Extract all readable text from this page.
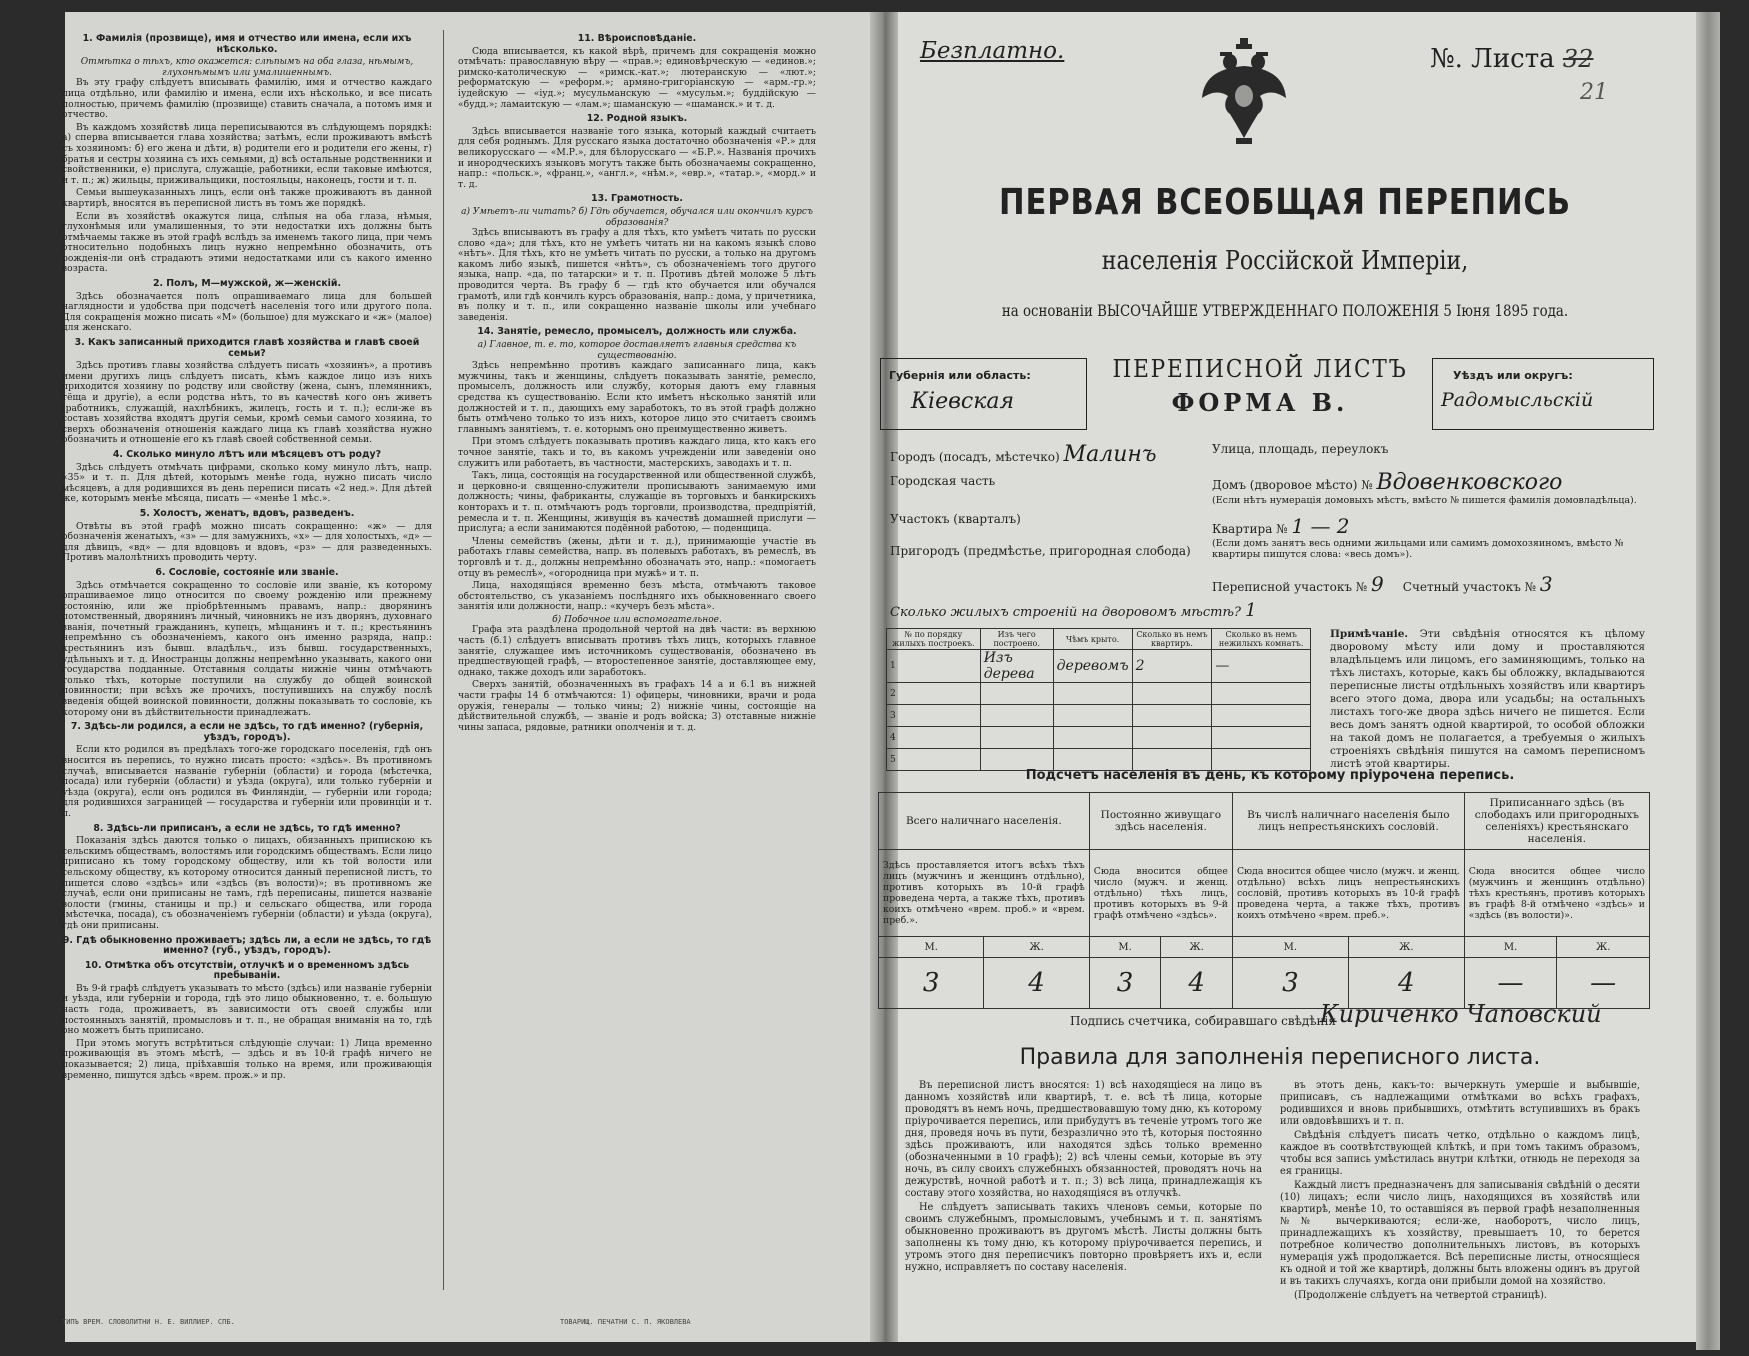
1. Фамилія (прозвище), имя и отчество или имена, если ихъ нѣсколько.
Отмѣтка о тѣхъ, кто окажется: слѣпымъ на оба глаза, нѣмымъ, глухонѣмымъ или умалишеннымъ.

Въ эту графу слѣдуетъ вписывать фамилію, имя и отчество каждаго лица отдѣльно, или фамилію и имена, если ихъ нѣсколько, и все писать полностью, причемъ фамилію (прозвище) ставить сначала, а потомъ имя и отчество.

Въ каждомъ хозяйствѣ лица переписываются въ слѣдующемъ порядкѣ: а) сперва вписывается глава хозяйства; затѣмъ, если проживаютъ вмѣстѣ съ хозяиномъ: б) его жена и дѣти, в) родители его и родители его жены, г) братья и сестры хозяина съ ихъ семьями, д) всѣ остальные родственники и свойственники, е) прислуга, служащіе, работники, если таковые имѣются, и т. п.; ж) жильцы, приживальщики, постояльцы, наконецъ, гости и т. п.

Семьи вышеуказанныхъ лицъ, если онѣ также проживаютъ въ данной квартирѣ, вносятся въ переписной листъ въ томъ же порядкѣ.

Если въ хозяйствѣ окажутся лица, слѣпыя на оба глаза, нѣмыя, глухонѣмыя или умалишенныя, то эти недостатки ихъ должны быть отмѣчаемы также въ этой графѣ вслѣдъ за именемъ такого лица, при чемъ относительно подобныхъ лицъ нужно непремѣнно обозначить, отъ рожденія-ли онѣ страдаютъ этими недостатками или съ какого именно возраста.

2. Полъ, М—мужской, ж—женскій.

Здѣсь обозначается полъ опрашиваемаго лица для большей наглядности и удобства при подсчетѣ населенія того или другого пола. Для сокращенія можно писать «М» (большое) для мужскаго и «ж» (малое) для женскаго.

3. Какъ записанный приходится главѣ хозяйства и главѣ своей семьи?

Здѣсь противъ главы хозяйства слѣдуетъ писать «хозяинъ», а противъ имени другихъ лицъ слѣдуетъ писать, кѣмъ каждое лицо изъ нихъ приходится хозяину по родству или свойству (жена, сынъ, племянникъ, тёща и другіе), а если родства нѣтъ, то въ качествѣ кого онъ живетъ (работникъ, служащій, нахлѣбникъ, жилецъ, гость и т. п.); если-же въ составъ хозяйства входятъ другія семьи, кромѣ семьи самого хозяина, то сверхъ обозначенія отношенія каждаго лица къ главѣ хозяйства нужно обозначить и отношеніе его къ главѣ своей собственной семьи.

4. Сколько минуло лѣтъ или мѣсяцевъ отъ роду?

Здѣсь слѣдуетъ отмѣчать цифрами, сколько кому минуло лѣтъ, напр. «35» и т. п. Для дѣтей, которымъ менѣе года, нужно писать число мѣсяцевъ, а для родившихся въ день переписи писать «2 нед.». Для дѣтей же, которымъ менѣе мѣсяца, писать — «менѣе 1 мѣс.».

5. Холостъ, женатъ, вдовъ, разведенъ.

Отвѣты въ этой графѣ можно писать сокращенно: «ж» — для обозначенія женатыхъ, «з» — для замужнихъ, «х» — для холостыхъ, «д» — для дѣвицъ, «вд» — для вдовцовъ и вдовъ, «рз» — для разведенныхъ. Противъ малолѣтнихъ проводить черту.

6. Сословіе, состояніе или званіе.

Здѣсь отмѣчается сокращенно то сословіе или званіе, къ которому опрашиваемое лицо относится по своему рожденію или прежнему состоянію, или же пріобрѣтеннымъ правамъ, напр.: дворянинъ потомственный, дворянинъ личный, чиновникъ не изъ дворянъ, духовнаго званія, почетный гражданинъ, купецъ, мѣщанинъ и т. п.; крестьянинъ непремѣнно съ обозначеніемъ, какого онъ именно разряда, напр.: крестьянинъ изъ бывш. владѣльч., изъ бывш. государственныхъ, удѣльныхъ и т. д. Иностранцы должны непремѣнно указывать, какого они государства подданные. Отставныя солдаты нижніе чины отмѣчаютъ только тѣхъ, которые поступили на службу до общей воинской повинности; при всѣхъ же прочихъ, поступившихъ на службу послѣ введенія общей воинской повинности, должны показывать то сословіе, къ которому они въ дѣйствительности принадлежатъ.

7. Здѣсь-ли родился, а если не здѣсь, то гдѣ именно? (губернія, уѣздъ, городъ).

Если кто родился въ предѣлахъ того-же городскаго поселенія, гдѣ онъ вносится въ перепись, то нужно писать просто: «здѣсь». Въ противномъ случаѣ, вписывается названіе губерніи (области) и города (мѣстечка, посада) или губерніи (области) и уѣзда (округа), или только губерніи и уѣзда (округа), если онъ родился въ Финляндіи, — губерніи или города; для родившихся заграницей — государства и губерніи или провинціи и т. п.

8. Здѣсь-ли приписанъ, а если не здѣсь, то гдѣ именно?

Показанія здѣсь даются только о лицахъ, обязанныхъ припискою къ сельскимъ обществамъ, волостямъ или городскимъ обществамъ. Если лицо приписано къ тому городскому обществу, или къ той волости или сельскому обществу, къ которому относится данный переписной листъ, то пишется слово «здѣсь» или «здѣсь (въ волости)»; въ противномъ же случаѣ, если они приписаны не тамъ, гдѣ переписаны, пишется названіе волости (гмины, станицы и пр.) и сельскаго общества, или города (мѣстечка, посада), съ обозначеніемъ губерніи (области) и уѣзда (округа), гдѣ они приписаны.

9. Гдѣ обыкновенно проживаетъ; здѣсь ли, а если не здѣсь, то гдѣ именно? (губ., уѣздъ, городъ).
10. Отмѣтка объ отсутствіи, отлучкѣ и о временномъ здѣсь пребываніи.

Въ 9-й графѣ слѣдуетъ указывать то мѣсто (здѣсь) или названіе губерніи и уѣзда, или губерніи и города, гдѣ это лицо обыкновенно, т. е. большую часть года, проживаетъ, въ зависимости отъ своей службы или постоянныхъ занятій, промысловъ и т. п., не обращая вниманія на то, гдѣ оно можетъ быть приписано.

При этомъ могутъ встрѣтиться слѣдующіе случаи: 1) Лица временно проживающія въ этомъ мѣстѣ, — здѣсь и въ 10-й графѣ ничего не показывается; 2) лица, пріѣхавшія только на время, или проживающія временно, пишутся здѣсь «врем. прож.» и пр.

11. Вѣроисповѣданіе.

Сюда вписывается, къ какой вѣрѣ, причемъ для сокращенія можно отмѣчать: православную вѣру — «прав.»; единовѣрческую — «единов.»; римско-католическую — «римск.-кат.»; лютеранскую — «лют.»; реформатскую — «реформ.»; армяно-григоріанскую — «арм.-гр.»; іудейскую — «іуд.»; мусульманскую — «мусульм.»; буддійскую — «будд.»; ламаитскую — «лам.»; шаманскую — «шаманск.» и т. д.

12. Родной языкъ.

Здѣсь вписывается названіе того языка, который каждый считаетъ для себя роднымъ. Для русскаго языка достаточно обозначенія «Р.» для великорусскаго — «М.Р.», для бѣлорусскаго — «Б.Р.». Названія прочихъ и инородческихъ языковъ могутъ также быть обозначаемы сокращенно, напр.: «польск.», «франц.», «англ.», «нѣм.», «евр.», «татар.», «морд.» и т. д.

13. Грамотность.
а) Умѣетъ-ли читать? б) Гдѣ обучается, обучался или окончилъ курсъ образованія?

Здѣсь вписываютъ въ графу а для тѣхъ, кто умѣетъ читать по русски слово «да»; для тѣхъ, кто не умѣетъ читать ни на какомъ языкѣ слово «нѣтъ». Для тѣхъ, кто не умѣетъ читать по русски, а только на другомъ какомъ либо языкѣ, пишется «нѣтъ», съ обозначеніемъ того другого языка, напр. «да, по татарски» и т. п. Противъ дѣтей моложе 5 лѣтъ проводится черта. Въ графу б — гдѣ кто обучается или обучался грамотѣ, или гдѣ кончилъ курсъ образованія, напр.: дома, у причетника, въ полку и т. п., или сокращенно названіе школы или учебнаго заведенія.

14. Занятіе, ремесло, промыселъ, должность или служба.
а) Главное, т. е. то, которое доставляетъ главныя средства къ существованію.

Здѣсь непремѣнно противъ каждаго записаннаго лица, какъ мужчины, такъ и женщины, слѣдуетъ показывать занятіе, ремесло, промыселъ, должность или службу, которыя даютъ ему главныя средства къ существованію. Если кто имѣетъ нѣсколько занятій или должностей и т. п., дающихъ ему заработокъ, то въ этой графѣ должно быть отмѣчено только то изъ нихъ, которое лицо это считаетъ своимъ главнымъ занятіемъ, т. е. которымъ оно преимущественно живетъ.

При этомъ слѣдуетъ показывать противъ каждаго лица, кто какъ его точное занятіе, такъ и то, въ какомъ учрежденіи или заведеніи оно служитъ или работаетъ, въ частности, мастерскихъ, заводахъ и т. п.

Такъ, лица, состоящія на государственной или общественной службѣ, и церковно-и священно-служители прописываютъ занимаемую ими должность; чины, фабриканты, служащіе въ торговыхъ и банкирскихъ конторахъ и т. п. отмѣчаютъ родъ торговли, производства, предпріятій, ремесла и т. п. Женщины, живущія въ качествѣ домашней прислуги — прислуга; а если занимаются подённой работою, — поденщица.

Члены семействъ (жены, дѣти и т. д.), принимающіе участіе въ работахъ главы семейства, напр. въ полевыхъ работахъ, въ ремеслѣ, въ торговлѣ и т. д., должны непремѣнно обозначать это, напр.: «помогаетъ отцу въ ремеслѣ», «огородница при мужѣ» и т. п.

Лица, находящіяся временно безъ мѣста, отмѣчаютъ таковое обстоятельство, съ указаніемъ послѣдняго ихъ обыкновеннаго своего занятія или должности, напр.: «кучеръ безъ мѣста».

б) Побочное или вспомогательное.

Графа эта раздѣлена продольной чертой на двѣ части: въ верхнюю часть (б.1) слѣдуетъ вписывать противъ тѣхъ лицъ, которыхъ главное занятіе, служащее имъ источникомъ существованія, обозначено въ предшествующей графѣ, — второстепенное занятіе, доставляющее ему, однако, также доходъ или заработокъ.

Сверхъ занятій, обозначенныхъ въ графахъ 14 а и 6.1 въ нижней части графы 14 б отмѣчаются: 1) офицеры, чиновники, врачи и рода оружія, генералы — только чины; 2) нижніе чины, состоящіе на дѣйствительной службѣ, — званіе и родъ войска; 3) отставные нижніе чины запаса, рядовые, ратники ополченія и т. д.

ТИПЪ ВРЕМ. СЛОВОЛИТНИ Н. Е. ВИЛЛИЕР. СПБ.	ТОВАРИЩ. ПЕЧАТНИ С. П. ЯКОВЛЕВА
Безплатно.	№. Листа 32
21
ПЕРВАЯ ВСЕОБЩАЯ ПЕРЕПИСЬ
населенія Россійской Имперіи,
на основаніи ВЫСОЧАЙШЕ УТВЕРЖДЕННАГО ПОЛОЖЕНІЯ 5 Іюня 1895 года.
Губернія или область:
Кіевская
ПЕРЕПИСНОЙ ЛИСТЪ
ФОРМА В.
Уѣздъ или округъ:
Радомысльскій
Городъ (посадъ, мѣстечко) Малинъ	Улица, площадь, переулокъ
Городская часть	Домъ (дворовое мѣсто) № Вдовенковского
(Если нѣтъ нумерація домовыхъ мѣстъ, вмѣсто № пишется фамилія домовладѣльца).
Участокъ (кварталъ)
Квартира № 1 — 2
(Если домъ занятъ весь одними жильцами или самимъ домохозяиномъ, вмѣсто № квартиры пишутся слова: «весь домъ»).
Пригородъ (предмѣстье, пригородная слобода)
Переписной участокъ № 9 Счетный участокъ № 3
Сколько жилыхъ строеній на дворовомъ мѣстѣ? 1
№ по порядку жилыхъ построекъ.	Изъ чего построено.	Чѣмъ крыто.	Сколько въ немъ квартиръ.	Сколько въ немъ нежилыхъ комнатъ.
1	Изъ дерева	деревомъ	2	—
2				
3				
4				
5				
Примѣчаніе. Эти свѣдѣнія относятся къ цѣлому дворовому мѣсту или дому и проставляются владѣльцемъ или лицомъ, его заминяющимъ, только на тѣхъ листахъ, которые, какъ бы обложку, вкладываются переписные листы отдѣльныхъ хозяйствъ или квартиръ всего этого дома, двора или усадьбы; на остальныхъ листахъ того-же двора здѣсь ничего не пишется. Если весь домъ занятъ одной квартирой, то особой обложки на такой домъ не полагается, а требуемыя о жилыхъ строеніяхъ свѣдѣнія пишутся на самомъ переписномъ листѣ этой квартиры.
Подсчетъ населенія въ день, къ которому пріурочена перепись.
Всего наличнаго населенія.		Постоянно живущаго здѣсь населенія.		Въ числѣ наличнаго населенія было лицъ непрестьянскихъ сословій.		Приписаннаго здѣсь (въ слободахъ или пригородныхъ селеніяхъ) крестьянскаго населенія.	
Здѣсь проставляется итогъ всѣхъ тѣхъ лицъ (мужчинъ и женщинъ отдѣльно), противъ которыхъ въ 10-й графѣ проведена черта, а также тѣхъ, противъ коихъ отмѣчено «врем. проб.» и «врем. преб.».		Сюда вносится общее число (мужч. и женщ. отдѣльно) тѣхъ лицъ, противъ которыхъ въ 9-й графѣ отмѣчено «здѣсь».		Сюда вносится общее число (мужч. и женщ. отдѣльно) всѣхъ лицъ непрестьянскихъ сословій, противъ которыхъ въ 10-й графѣ проведена черта, а также тѣхъ, противъ коихъ отмѣчено «врем. преб.».		Сюда вносится общее число (мужчинъ и женщинъ отдѣльно) тѣхъ крестьянъ, противъ которыхъ въ графѣ 8-й отмѣчено «здѣсь» и «здѣсь (въ волости)».	
М.	Ж.	М.	Ж.	М.	Ж.	М.	Ж.
3	4	3	4	3	4	—	—
Подпись счетчика, собиравшаго свѣдѣнія
Кириченко Чаповский
Правила для заполненія переписного листа.

Въ переписной листъ вносятся: 1) всѣ находящіеся на лицо въ данномъ хозяйствѣ или квартирѣ, т. е. всѣ тѣ лица, которые проводятъ въ немъ ночь, предшествовавшую тому дню, къ которому пріурочивается перепись, или прибудутъ въ теченіе утромъ того же дня, проведя ночь въ пути, безразлично это тѣ, которыя постоянно здѣсь проживаютъ, или находятся здѣсь только временно (обозначенными в 10 графѣ); 2) всѣ члены семьи, которые въ эту ночь, въ силу своихъ служебныхъ обязанностей, проводятъ ночь на дежурствѣ, ночной работѣ и т. п.; 3) всѣ лица, принадлежащія къ составу этого хозяйства, но находящіяся въ отлучкѣ.

Не слѣдуетъ записывать такихъ членовъ семьи, которые по своимъ служебнымъ, промысловымъ, учебнымъ и т. п. занятіямъ обыкновенно проживаютъ въ другомъ мѣстѣ. Листы должны быть заполнены къ тому дню, къ которому пріурочивается перепись, и утромъ этого дня переписчикъ повторно провѣряетъ ихъ и, если нужно, исправляетъ по составу населенія.

въ этотъ день, какъ-то: вычеркнуть умершіе и выбывшіе, приписавъ, съ надлежащими отмѣтками во всѣхъ графахъ, родившихся и вновь прибывшихъ, отмѣтить вступившихъ въ бракъ или овдовѣвшихъ и т. п.

Свѣдѣнія слѣдуетъ писать четко, отдѣльно о каждомъ лицѣ, каждое въ соотвѣтствующей клѣткѣ, и при томъ такимъ образомъ, чтобы вся запись умѣстилась внутри клѣтки, отнюдь не переходя за ея границы.

Каждый листъ предназначенъ для записыванія свѣдѣній о десяти (10) лицахъ; если число лицъ, находящихся въ хозяйствѣ или квартирѣ, менѣе 10, то оставшіяся въ первой графѣ незаполненныя №№ вычеркиваются; если-же, наоборотъ, число лицъ, принадлежащихъ къ хозяйству, превышаетъ 10, то берется потребное количество дополнительныхъ листовъ, въ которыхъ нумерація ужѣ продолжается. Всѣ переписные листы, относящіеся къ одной и той же квартирѣ, должны быть вложены одинъ въ другой и въ такихъ случаяхъ, когда они прибыли домой на хозяйство.

(Продолженіе слѣдуетъ на четвертой страницѣ).
